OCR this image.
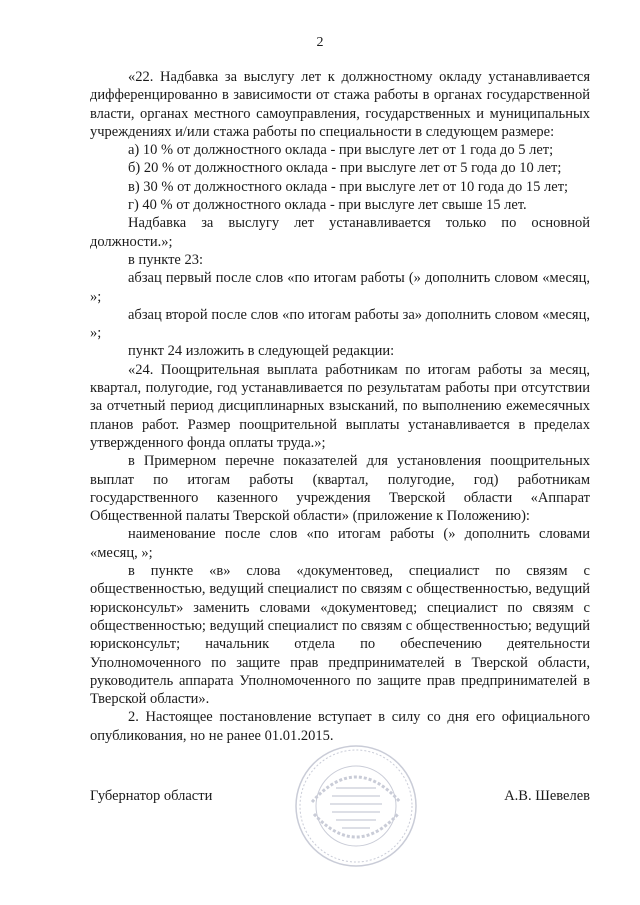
2

«22. Надбавка за выслугу лет к должностному окладу устанавливается дифференцированно в зависимости от стажа работы в органах государственной власти, органах местного самоуправления, государственных и муниципальных учреждениях и/или стажа работы по специальности в следующем размере:

а) 10 % от должностного оклада - при выслуге лет от 1 года до 5 лет;

б) 20 % от должностного оклада - при выслуге лет от 5 года до 10 лет;

в) 30 % от должностного оклада - при выслуге лет от 10 года до 15 лет;

г) 40 % от должностного оклада - при выслуге лет свыше 15 лет.

Надбавка за выслугу лет устанавливается только по основной должности.»;

в пункте 23:

абзац первый после слов «по итогам работы (» дополнить словом «месяц, »;

абзац второй после слов «по итогам работы за» дополнить словом «месяц, »;

пункт 24 изложить в следующей редакции:

«24. Поощрительная выплата работникам по итогам работы за месяц, квартал, полугодие, год устанавливается по результатам работы при отсутствии за отчетный период дисциплинарных взысканий, по выполнению ежемесячных планов работ. Размер поощрительной выплаты устанавливается в пределах утвержденного фонда оплаты труда.»;

в Примерном перечне показателей для установления поощрительных выплат по итогам работы (квартал, полугодие, год) работникам государственного казенного учреждения Тверской области «Аппарат Общественной палаты Тверской области» (приложение к Положению):

наименование после слов «по итогам работы (» дополнить словами «месяц, »;

в пункте «в» слова «документовед, специалист по связям с общественностью, ведущий специалист по связям с общественностью, ведущий юрисконсульт» заменить словами «документовед; специалист по связям с общественностью; ведущий специалист по связям с общественностью; ведущий юрисконсульт; начальник отдела по обеспечению деятельности Уполномоченного по защите прав предпринимателей в Тверской области, руководитель аппарата Уполномоченного по защите прав предпринимателей в Тверской области».

2. Настоящее постановление вступает в силу со дня его официального опубликования, но не ранее 01.01.2015.

Губернатор области	А.В. Шевелев
